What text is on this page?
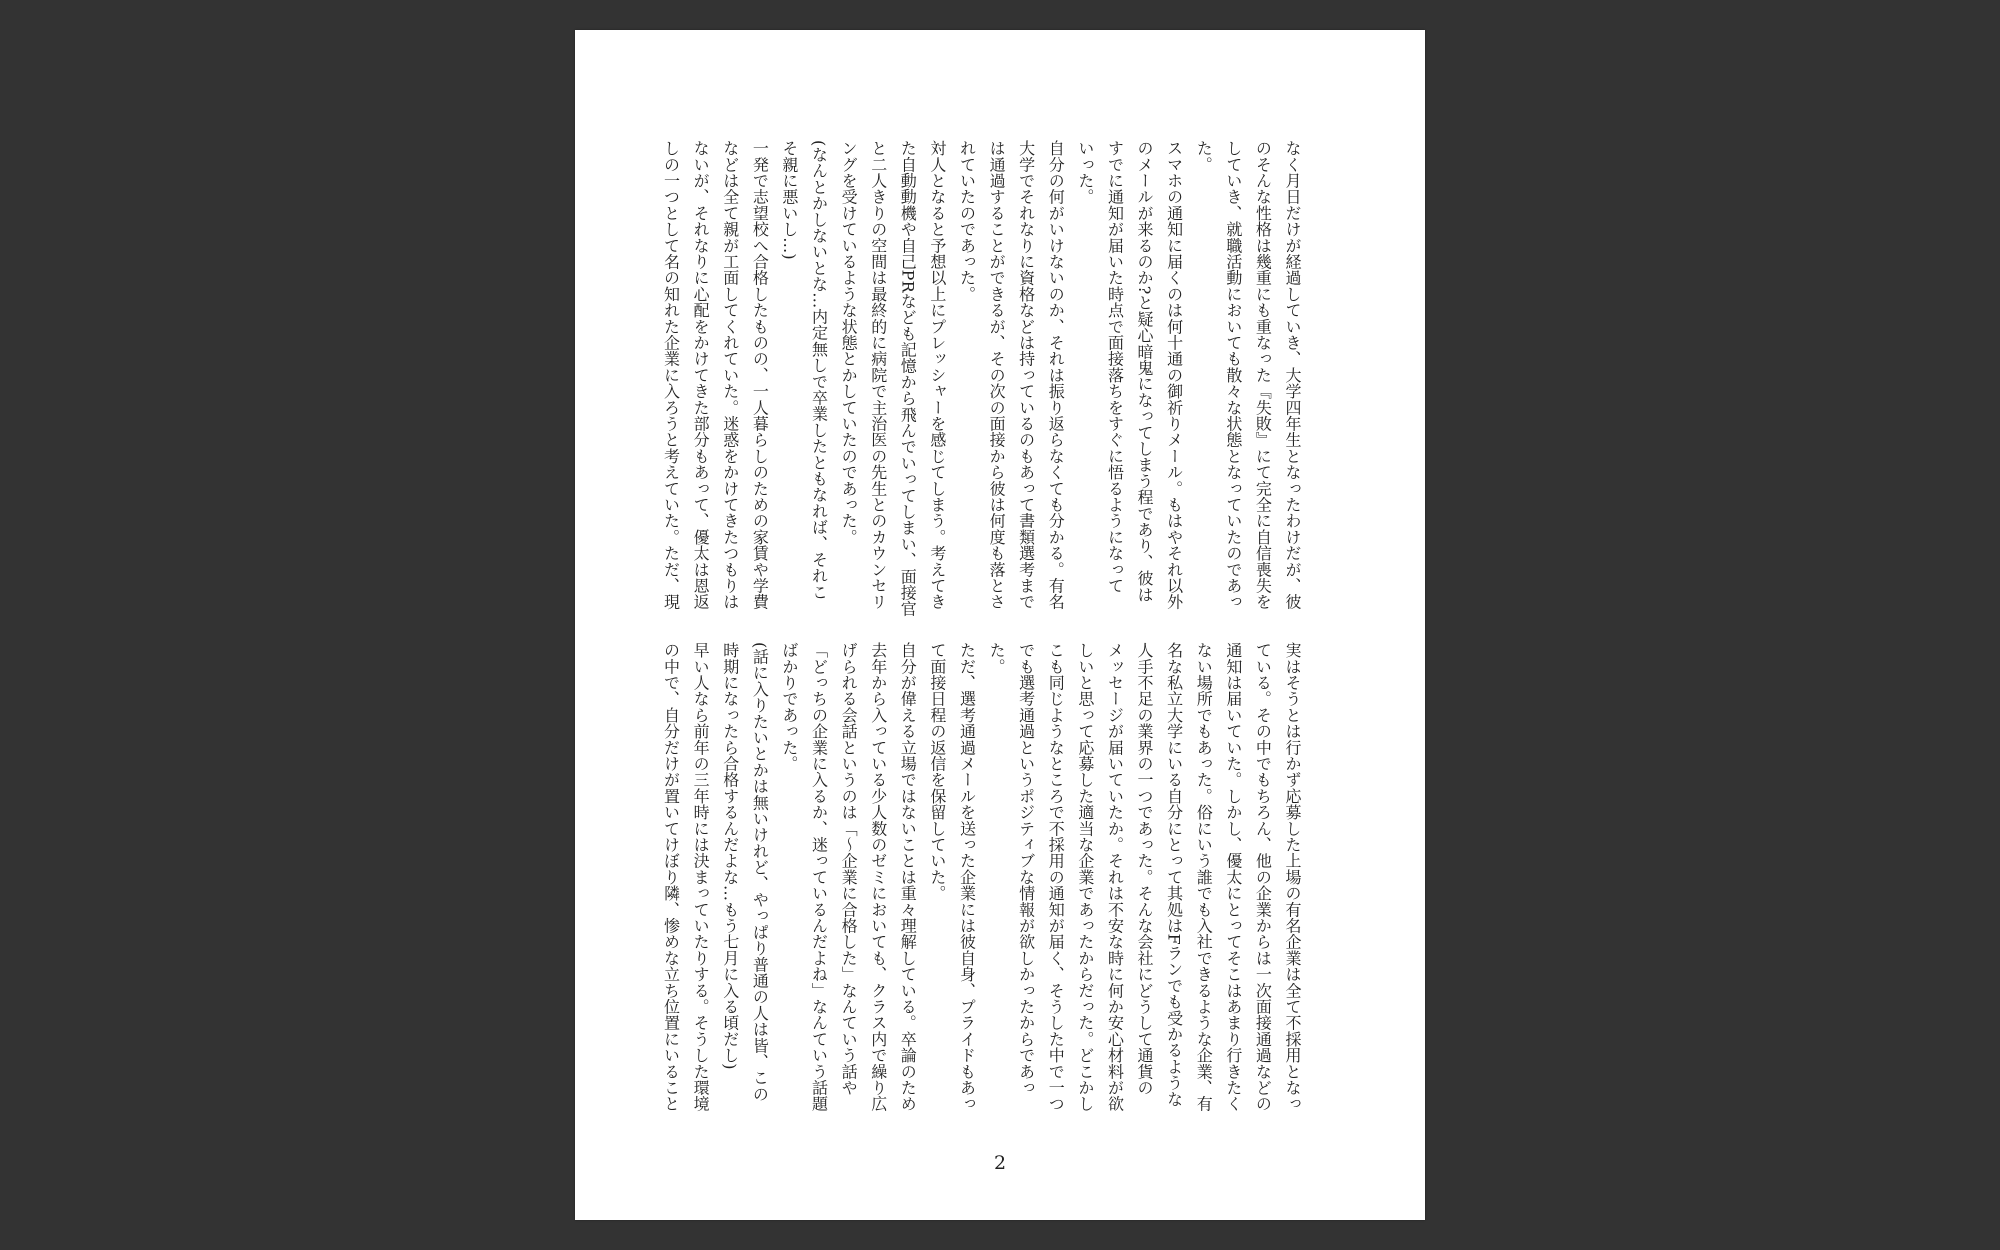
なく月日だけが経過していき、大学四年生となったわけだが、彼

のそんな性格は幾重にも重なった『失敗』にて完全に自信喪失を

していき、就職活動においても散々な状態となっていたのであっ

た。

スマホの通知に届くのは何十通の御祈りメール。もはやそれ以外

のメールが来るのか?と疑心暗鬼になってしまう程であり、彼は

すでに通知が届いた時点で面接落ちをすぐに悟るようになって

いった。

自分の何がいけないのか、それは振り返らなくても分かる。有名

大学でそれなりに資格などは持っているのもあって書類選考まで

は通過することができるが、その次の面接から彼は何度も落とさ

れていたのであった。

対人となると予想以上にプレッシャーを感じてしまう。考えてき

た自動動機や自己PRなども記憶から飛んでいってしまい、面接官

と二人きりの空間は最終的に病院で主治医の先生とのカウンセリ

ングを受けているような状態とかしていたのであった。

(なんとかしないとな…内定無しで卒業したともなれば、それこ

そ親に悪いし…)

一発で志望校へ合格したものの、一人暮らしのための家賃や学費

などは全て親が工面してくれていた。迷惑をかけてきたつもりは

ないが、それなりに心配をかけてきた部分もあって、優太は恩返

しの一つとして名の知れた企業に入ろうと考えていた。ただ、現

実はそうとは行かず応募した上場の有名企業は全て不採用となっ

ている。その中でもちろん、他の企業からは一次面接通過などの

通知は届いていた。しかし、優太にとってそこはあまり行きたく

ない場所でもあった。俗にいう誰でも入社できるような企業、有

名な私立大学にいる自分にとって其処はFランでも受かるような

人手不足の業界の一つであった。そんな会社にどうして通貨の

メッセージが届いていたか。それは不安な時に何か安心材料が欲

しいと思って応募した適当な企業であったからだった。どこかし

こも同じようなところで不採用の通知が届く、そうした中で一つ

でも選考通過というポジティブな情報が欲しかったからであっ

た。

ただ、選考通過メールを送った企業には彼自身、プライドもあっ

て面接日程の返信を保留していた。

自分が偉える立場ではないことは重々理解している。卒論のため

去年から入っている少人数のゼミにおいても、クラス内で繰り広

げられる会話というのは「〜企業に合格した」なんていう話や

「どっちの企業に入るか、迷っているんだよね」なんていう話題

ばかりであった。

(話に入りたいとかは無いけれど、やっぱり普通の人は皆、この

時期になったら合格するんだよな…もう七月に入る頃だし)

早い人なら前年の三年時には決まっていたりする。そうした環境

の中で、自分だけが置いてけぼり隣、惨めな立ち位置にいること

2
